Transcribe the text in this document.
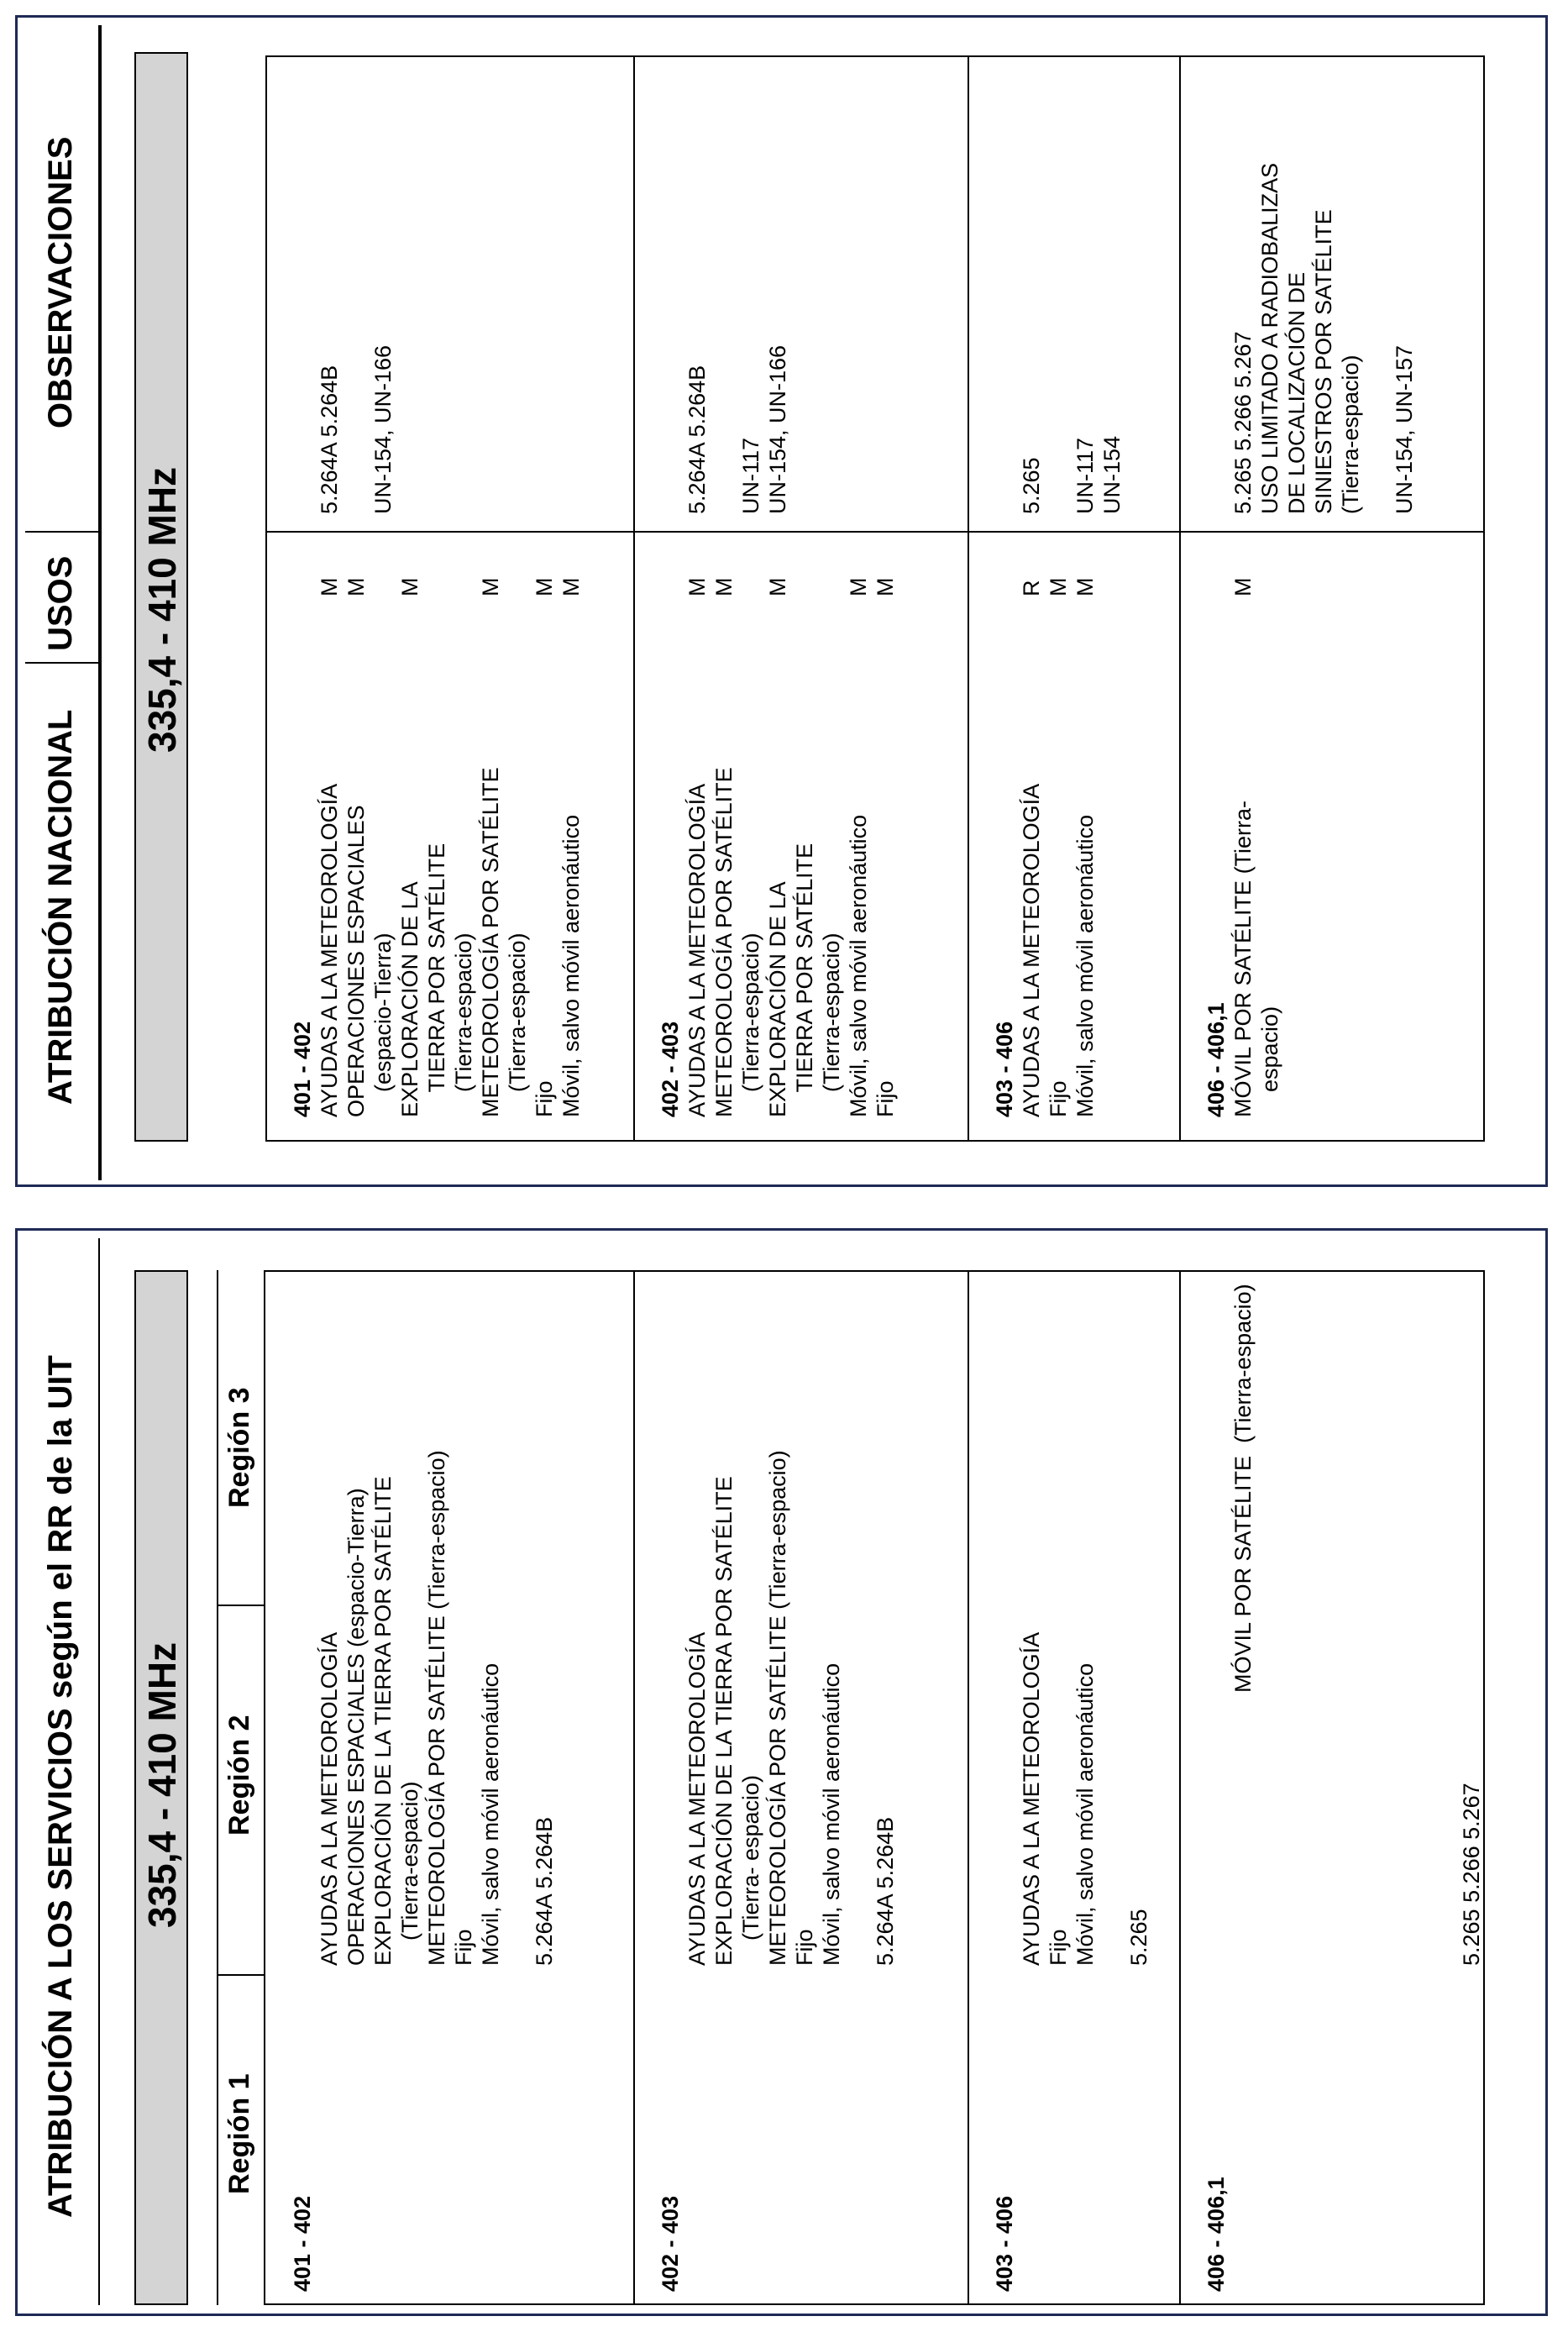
ATRIBUCIÓN NACIONAL
USOS
OBSERVACIONES
335,4 - 410 MHz
401 - 402 AYUDAS A LA METEOROLOGÍA
OPERACIONES ESPACIALES
(espacio-Tierra)
EXPLORACIÓN DE LA
TIERRA POR SATÉLITE
(Tierra-espacio)
METEOROLOGÍA POR SATÉLITE
(Tierra-espacio)
Fijo
Móvil, salvo móvil aeronáutico
M
M

M

M

M
M
5.264A 5.264B

UN-154, UN-166
402 - 403 AYUDAS A LA METEOROLOGÍA
METEOROLOGÍA POR SATÉLITE
(Tierra-espacio)
EXPLORACIÓN DE LA
TIERRA POR SATÉLITE
(Tierra-espacio)
Móvil, salvo móvil aeronáutico
Fijo
M
M

M

M
M
5.264A 5.264B

UN-117
UN-154, UN-166
403 - 406 AYUDAS A LA METEOROLOGÍA
Fijo
Móvil, salvo móvil aeronáutico
R
M
M
5.265

UN-117
UN-154
406 - 406,1 MÓVIL POR SATÉLITE (Tierra-
espacio)
M
5.265 5.266 5.267
USO LIMITADO A RADIOBALIZAS
DE LOCALIZACIÓN DE
SINIESTROS POR SATÉLITE
(Tierra-espacio)

UN-154, UN-157
ATRIBUCIÓN A LOS SERVICIOS según el RR de la UIT 335,4 - 410 MHz
Región 1
Región 2
Región 3
401 - 402
AYUDAS A LA METEOROLOGÍA
OPERACIONES ESPACIALES (espacio-Tierra)
EXPLORACIÓN DE LA TIERRA POR SATÉLITE
(Tierra-espacio)
METEOROLOGÍA POR SATÉLITE (Tierra-espacio)
Fijo
Móvil, salvo móvil aeronáutico

5.264A 5.264B
402 - 403
AYUDAS A LA METEOROLOGÍA
EXPLORACIÓN DE LA TIERRA POR SATÉLITE
(Tierra- espacio)
METEOROLOGÍA POR SATÉLITE (Tierra-espacio)
Fijo
Móvil, salvo móvil aeronáutico

5.264A 5.264B
403 - 406
AYUDAS A LA METEOROLOGÍA
Fijo
Móvil, salvo móvil aeronáutico

5.265
406 - 406,1
MÓVIL POR SATÉLITE  (Tierra-espacio)
5.265 5.266 5.267
